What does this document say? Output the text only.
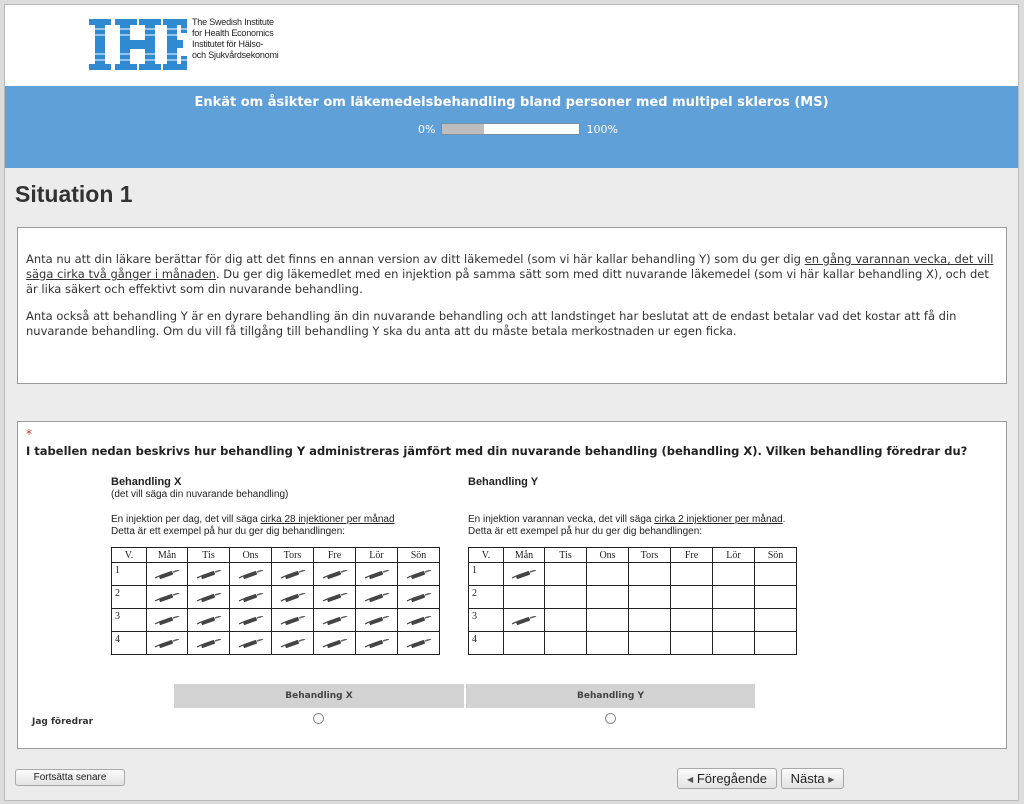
The Swedish Institute
for Health Economics
Institutet för Hälso-
och Sjukvårdsekonomi
Enkät om åsikter om läkemedelsbehandling bland personer med multipel skleros (MS)
0%	100%
Situation 1

Anta nu att din läkare berättar för dig att det finns en annan version av ditt läkemedel (som vi här kallar behandling Y) som du ger dig en gång varannan vecka, det vill säga cirka två gånger i månaden. Du ger dig läkemedlet med en injektion på samma sätt som med ditt nuvarande läkemedel (som vi här kallar behandling X), och det är lika säkert och effektivt som din nuvarande behandling.

Anta också att behandling Y är en dyrare behandling än din nuvarande behandling och att landstinget har beslutat att de endast betalar vad det kostar att få din nuvarande behandling. Om du vill få tillgång till behandling Y ska du anta att du måste betala merkostnaden ur egen ficka.

*
I tabellen nedan beskrivs hur behandling Y administreras jämfört med din nuvarande behandling (behandling X). Vilken behandling föredrar du?
Behandling X
(det vill säga din nuvarande behandling)
En injektion per dag, det vill säga cirka 28 injektioner per månad
Detta är ett exempel på hur du ger dig behandlingen:
V.	Mån	Tis	Ons	Tors	Fre	Lör	Sön
1	

2	

3	

4	

Behandling Y

En injektion varannan vecka, det vill säga cirka 2 injektioner per månad. Detta är ett exempel på hur du ger dig behandlingen:
V.	Mån	Tis	Ons	Tors	Fre	Lör	Sön
1	

2							
3	

4							
Behandling X	Behandling Y
Jag föredrar
Fortsätta senare	◀ Föregående	Nästa ▶
